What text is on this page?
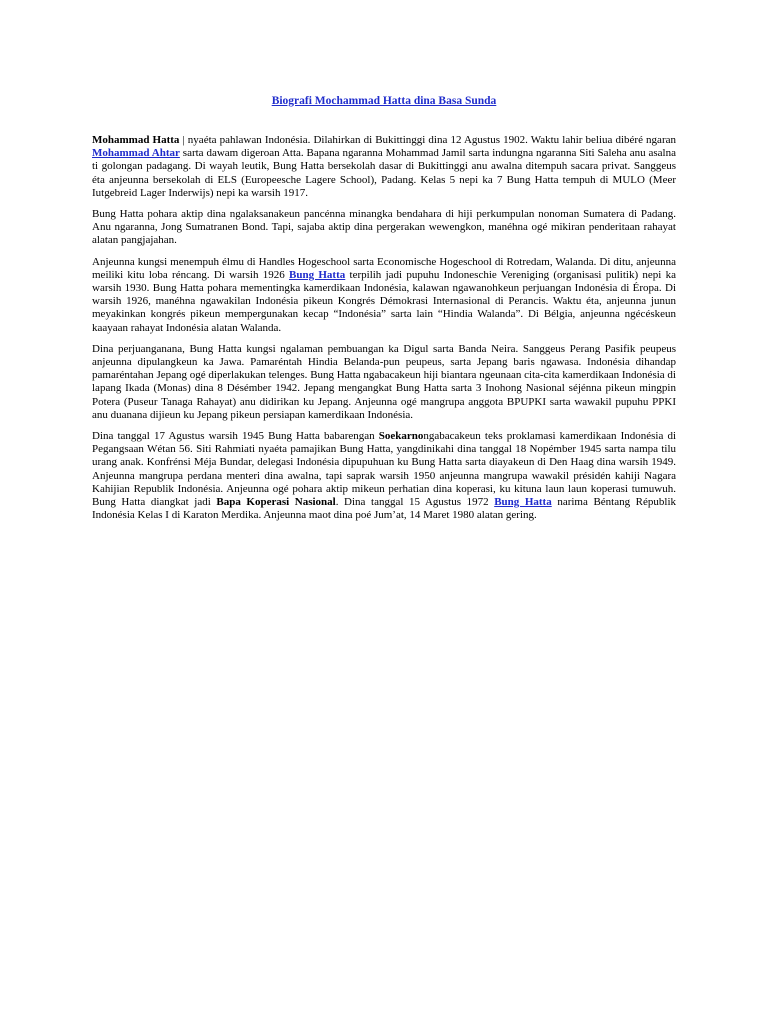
Biografi Mochammad Hatta dina Basa Sunda

Mohammad Hatta | nyaéta pahlawan Indonésia. Dilahirkan di Bukittinggi dina 12 Agustus 1902. Waktu lahir beliua dibéré ngaran Mohammad Ahtar sarta dawam digeroan Atta. Bapana ngaranna Mohammad Jamil sarta indungna ngaranna Siti Saleha anu asalna ti golongan padagang. Di wayah leutik, Bung Hatta bersekolah dasar di Bukittinggi anu awalna ditempuh sacara privat. Sanggeus éta anjeunna bersekolah di ELS (Europeesche Lagere School), Padang. Kelas 5 nepi ka 7 Bung Hatta tempuh di MULO (Meer Iutgebreid Lager Inderwijs) nepi ka warsih 1917.

Bung Hatta pohara aktip dina ngalaksanakeun pancénna minangka bendahara di hiji perkumpulan nonoman Sumatera di Padang. Anu ngaranna, Jong Sumatranen Bond. Tapi, sajaba aktip dina pergerakan wewengkon, manéhna ogé mikiran penderitaan rahayat alatan pangjajahan.

Anjeunna kungsi menempuh élmu di Handles Hogeschool sarta Economische Hogeschool di Rotredam, Walanda. Di ditu, anjeunna meiliki kitu loba réncang. Di warsih 1926 Bung Hatta terpilih jadi pupuhu Indoneschie Vereniging (organisasi pulitik) nepi ka warsih 1930. Bung Hatta pohara mementingka kamerdikaan Indonésia, kalawan ngawanohkeun perjuangan Indonésia di Éropa. Di warsih 1926, manéhna ngawakilan Indonésia pikeun Kongrés Démokrasi Internasional di Perancis. Waktu éta, anjeunna junun meyakinkan kongrés pikeun mempergunakan kecap “Indonésia” sarta lain “Hindia Walanda”. Di Bélgia, anjeunna ngécéskeun kaayaan rahayat Indonésia alatan Walanda.

Dina perjuanganana, Bung Hatta kungsi ngalaman pembuangan ka Digul sarta Banda Neira. Sanggeus Perang Pasifik peupeus anjeunna dipulangkeun ka Jawa. Pamaréntah Hindia Belanda-pun peupeus, sarta Jepang baris ngawasa. Indonésia dihandap pamaréntahan Jepang ogé diperlakukan telenges. Bung Hatta ngabacakeun hiji biantara ngeunaan cita-cita kamerdikaan Indonésia di lapang Ikada (Monas) dina 8 Désémber 1942. Jepang mengangkat Bung Hatta sarta 3 Inohong Nasional séjénna pikeun mingpin Potera (Puseur Tanaga Rahayat) anu didirikan ku Jepang. Anjeunna ogé mangrupa anggota BPUPKI sarta wawakil pupuhu PPKI anu duanana dijieun ku Jepang pikeun persiapan kamerdikaan Indonésia.

Dina tanggal 17 Agustus warsih 1945 Bung Hatta babarengan Soekarnongabacakeun teks proklamasi kamerdikaan Indonésia di Pegangsaan Wétan 56. Siti Rahmiati nyaéta pamajikan Bung Hatta, yangdinikahi dina tanggal 18 Nopémber 1945 sarta nampa tilu urang anak. Konfrénsi Méja Bundar, delegasi Indonésia dipupuhuan ku Bung Hatta sarta diayakeun di Den Haag dina warsih 1949. Anjeunna mangrupa perdana menteri dina awalna, tapi saprak warsih 1950 anjeunna mangrupa wawakil présidén kahiji Nagara Kahijian Republik Indonésia. Anjeunna ogé pohara aktip mikeun perhatian dina koperasi, ku kituna laun laun koperasi tumuwuh. Bung Hatta diangkat jadi Bapa Koperasi Nasional. Dina tanggal 15 Agustus 1972 Bung Hatta narima Béntang Républik Indonésia Kelas I di Karaton Merdika. Anjeunna maot dina poé Jum’at, 14 Maret 1980 alatan gering.
